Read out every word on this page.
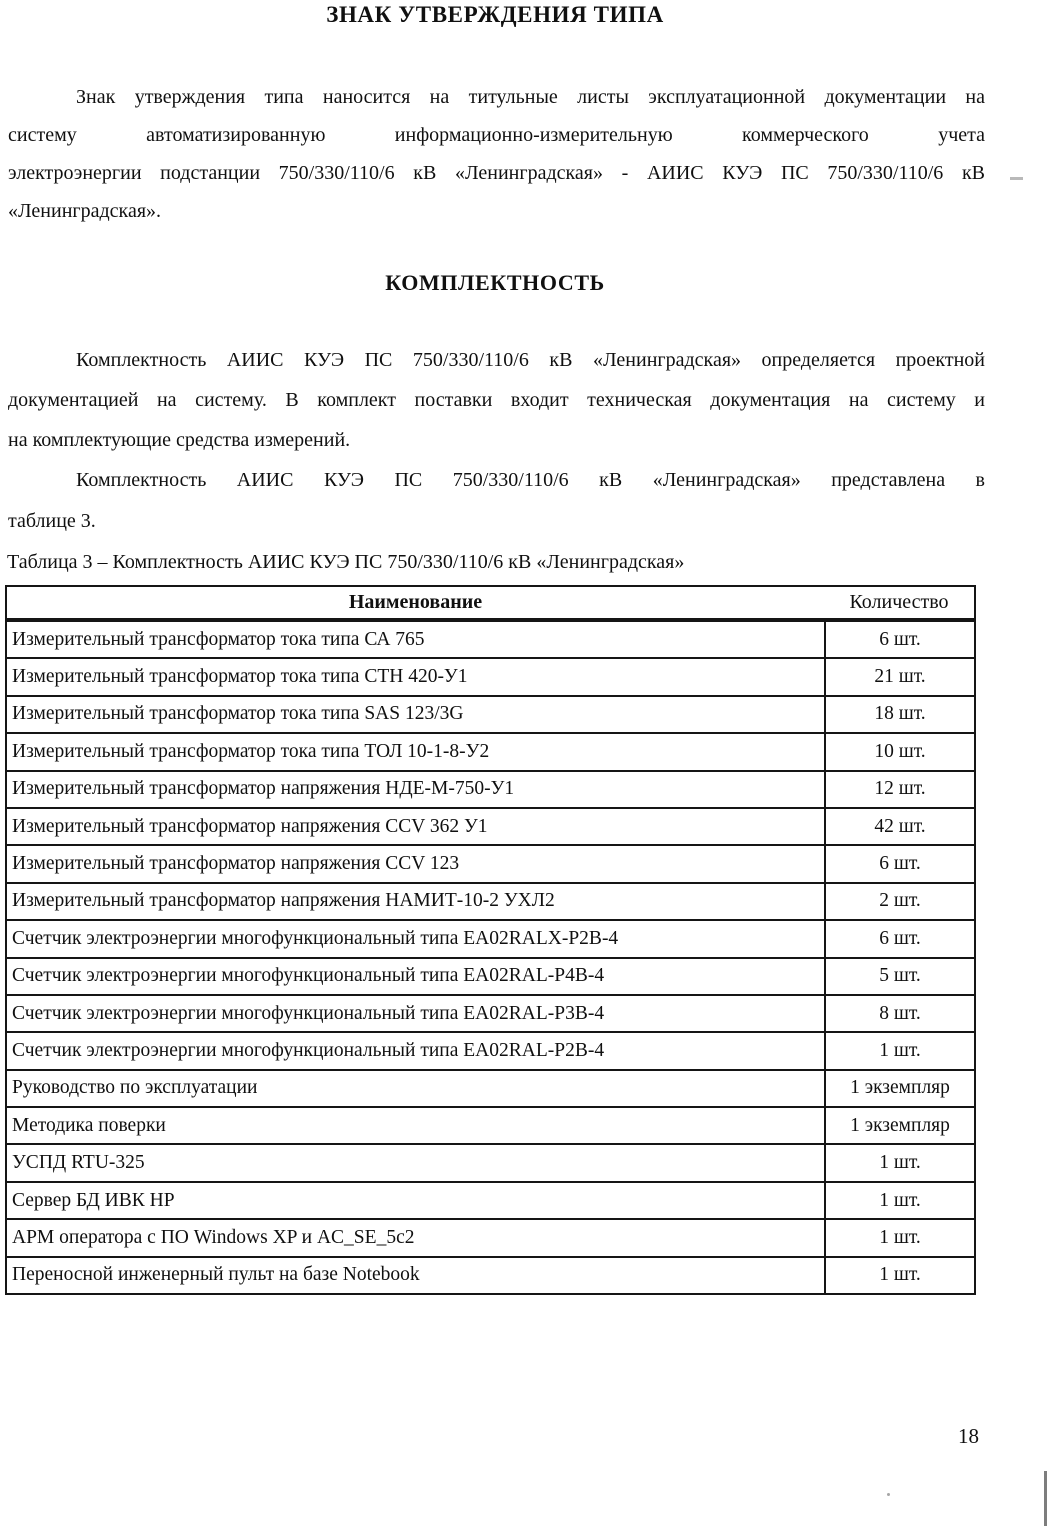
ЗНАК УТВЕРЖДЕНИЯ ТИПА
Знак утверждения типа наносится на титульные листы эксплуатационной документации на
систему автоматизированную информационно-измерительную коммерческого учета
электроэнергии подстанции 750/330/110/6 кВ «Ленинградская» - АИИС КУЭ ПС 750/330/110/6 кВ
«Ленинградская».
КОМПЛЕКТНОСТЬ
Комплектность АИИС КУЭ ПС 750/330/110/6 кВ «Ленинградская» определяется проектной
документацией на систему. В комплект поставки входит техническая документация на систему и
на комплектующие средства измерений.
Комплектность АИИС КУЭ ПС 750/330/110/6 кВ «Ленинградская» представлена в
таблице 3.
Таблица 3 – Комплектность АИИС КУЭ ПС 750/330/110/6 кВ «Ленинградская»
Наименование	Количество
Измерительный трансформатор тока типа СА 765	6 шт.
Измерительный трансформатор тока типа СТН 420-У1	21 шт.
Измерительный трансформатор тока типа SAS 123/3G	18 шт.
Измерительный трансформатор тока типа ТОЛ 10-1-8-У2	10 шт.
Измерительный трансформатор напряжения НДЕ-М-750-У1	12 шт.
Измерительный трансформатор напряжения CCV 362 У1	42 шт.
Измерительный трансформатор напряжения CCV 123	6 шт.
Измерительный трансформатор напряжения НАМИТ-10-2 УХЛ2	2 шт.
Счетчик электроэнергии многофункциональный типа EA02RALX-P2B-4	6 шт.
Счетчик электроэнергии многофункциональный типа EA02RAL-P4B-4	5 шт.
Счетчик электроэнергии многофункциональный типа EA02RAL-P3B-4	8 шт.
Счетчик электроэнергии многофункциональный типа EA02RAL-P2B-4	1 шт.
Руководство по эксплуатации	1 экземпляр
Методика поверки	1 экземпляр
УСПД RTU-325	1 шт.
Сервер БД ИВК HP	1 шт.
АРМ оператора с ПО Windows XP и AC_SE_5c2	1 шт.
Переносной инженерный пульт на базе Notebook	1 шт.
18
